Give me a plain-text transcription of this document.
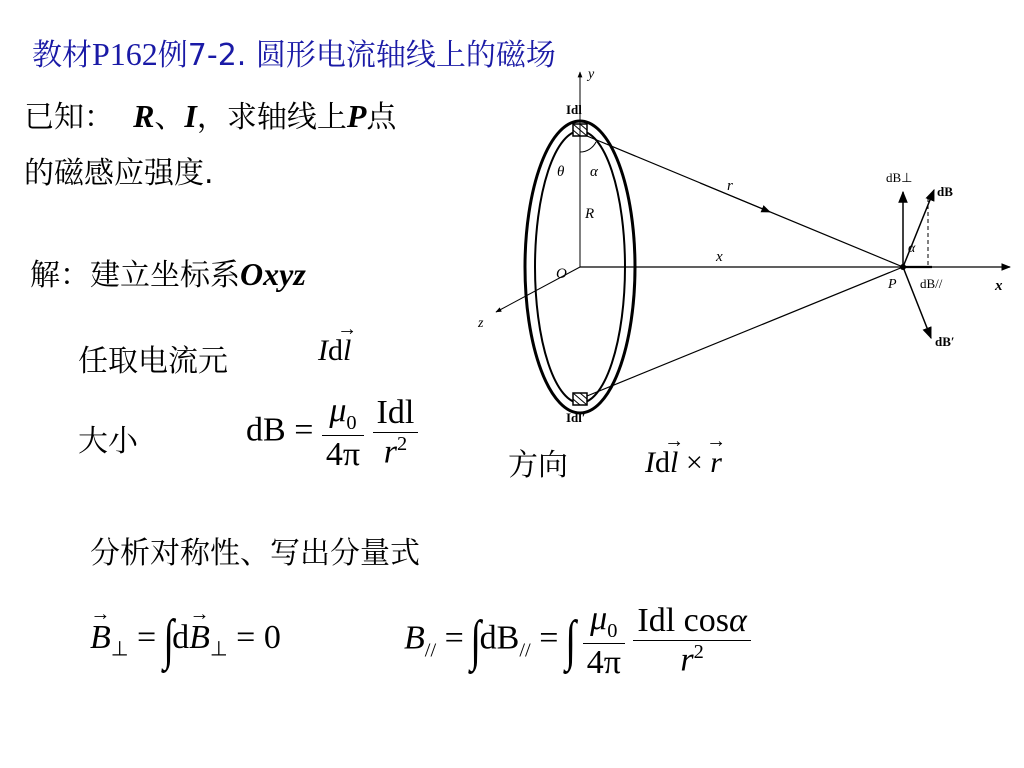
教材P162例7-2. 圆形电流轴线上的磁场
已知： R、I，求轴线上P点
的磁感应强度.
解：建立坐标系Oxyz
任取电流元	Id→ l
大小	dB = $\frac{\mu_0}{4\pi}$
$\frac{\text{Idl}}{r^2}$	方向	Id→ l × → r
分析对称性、写出分量式
→ $B_\perp = \int d\to B_\perp = 0$	$B_{//} = \int dB_{//}$ = ∫ $\frac{\mu_0}{4\pi}$
$\frac{\text{Idl cosα}}{r^2}$
y
z
x
x
O
R
r
θ α
Idl
Idl′
P
dB⊥
dB
α
dB//
dB′
